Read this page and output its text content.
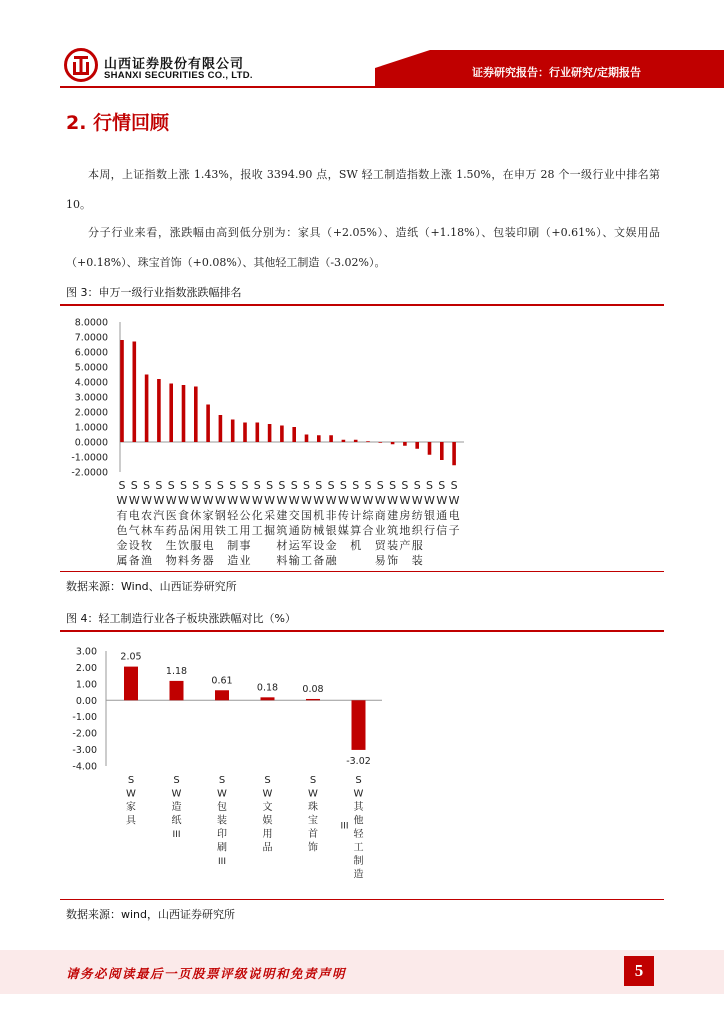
山西证券股份有限公司
SHANXI SECURITIES CO., LTD.	证券研究报告：行业研究/定期报告
2. 行情回顾
本周，上证指数上涨 1.43%，报收 3394.90 点，SW 轻工制造指数上涨 1.50%，在申万 28 个一级行业中排名第 10。
分子行业来看，涨跌幅由高到低分别为：家具（+2.05%）、造纸（+1.18%）、包装印刷（+0.61%）、文娱用品（+0.18%）、珠宝首饰（+0.08%）、其他轻工制造（-3.02%）。
图 3：申万一级行业指数涨跌幅排名
8.0000
7.0000
6.0000
5.0000
4.0000
3.0000
2.0000
1.0000
0.0000
-1.0000
-2.0000
S W 有色金属
S W 电气设备
S W 农林牧渔
S W 汽车
S W 医药生物
S W 食品饮料
S W 休闲服务
S W 家用电器
S W 钢铁
S W 轻工制造
S W 公用事业
S W 化工
S W 采掘
S W 建筑材料
S W 交通运输
S W 国防军工
S W 机械设备
S W 非银金融
S W 传媒
S W 计算机
S W 综合
S W 商业贸易
S W 建筑装饰
S W 房地产
S W 纺织服装
S W 银行
S W 通信
S W 电子
数据来源：Wind、山西证券研究所
图 4：轻工制造行业各子板块涨跌幅对比（%）
3.00
2.00
1.00
0.00
-1.00
-2.00
-3.00
-4.00
2.05
S W 家具
1.18
S W 造纸 III
0.61
S W 包装印刷 III
0.18
S W 文娱用品
0.08
S W 珠宝首饰
-3.02
S W 其他轻工制造III
数据来源：wind，山西证券研究所
请务必阅读最后一页股票评级说明和免责声明	5
